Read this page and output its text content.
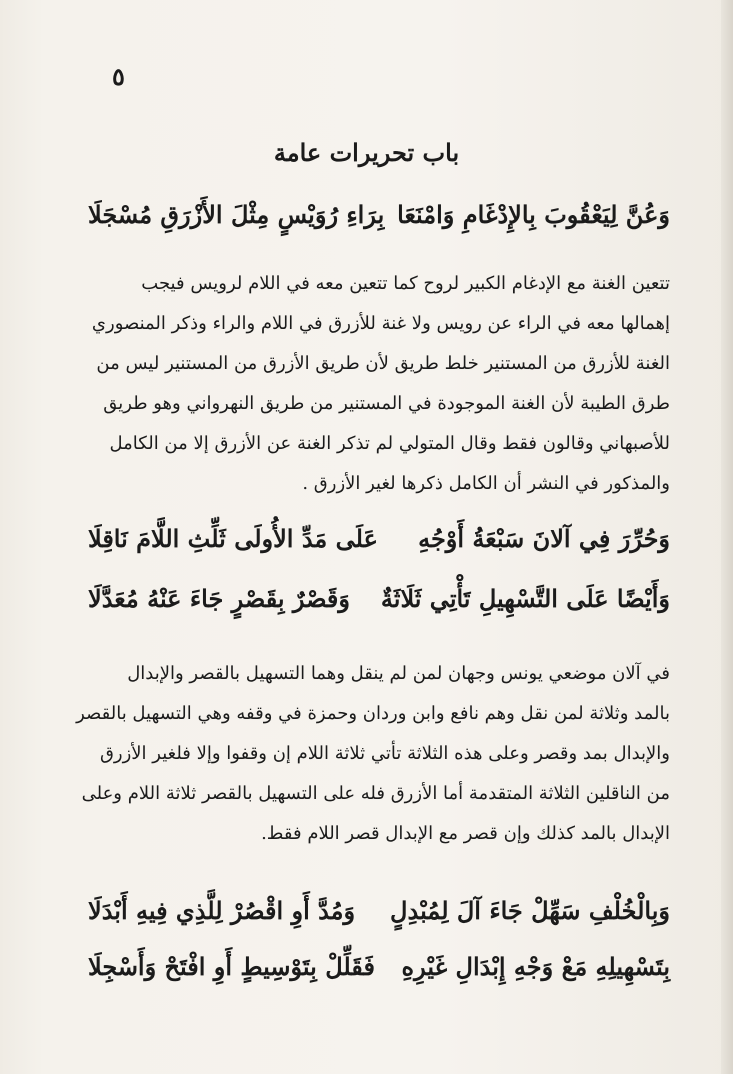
٥
باب تحريرات عامة
وَعُنَّ لِيَعْقُوبَ بِالإِدْغَامِ وَامْنَعَا
بِرَاءِ رُوَيْسٍ مِثْلَ الأَزْرَقِ مُسْجَلَا

تتعين الغنة مع الإدغام الكبير لروح كما تتعين معه في اللام لرويس فيجب

إهمالها معه في الراء عن رويس ولا غنة للأزرق في اللام والراء وذكر المنصوري

الغنة للأزرق من المستنير خلط طريق لأن طريق الأزرق من المستنير ليس من

طرق الطيبة لأن الغنة الموجودة في المستنير من طريق النهرواني وهو طريق

للأصبهاني وقالون فقط وقال المتولي لم تذكر الغنة عن الأزرق إلا من الكامل

والمذكور في النشر أن الكامل ذكرها لغير الأزرق .

وَحُرِّرَ فِي آلانَ سَبْعَةُ أَوْجُهِ
عَلَى مَدِّ الأُولَى ثَلِّثِ اللَّامَ نَاقِلَا
وَأَيْضًا عَلَى التَّسْهِيلِ تَأْتِي ثَلَاثَةٌ
وَقَصْرٌ بِقَصْرٍ جَاءَ عَنْهُ مُعَدَّلَا

في آلان موضعي يونس وجهان لمن لم ينقل وهما التسهيل بالقصر والإبدال

بالمد وثلاثة لمن نقل وهم نافع وابن وردان وحمزة في وقفه وهي التسهيل بالقصر

والإبدال بمد وقصر وعلى هذه الثلاثة تأتي ثلاثة اللام إن وقفوا وإلا فلغير الأزرق

من الناقلين الثلاثة المتقدمة أما الأزرق فله على التسهيل بالقصر ثلاثة اللام وعلى

الإبدال بالمد كذلك وإن قصر مع الإبدال قصر اللام فقط.

وَبِالْخُلْفِ سَهِّلْ جَاءَ آلَ لِمُبْدِلٍ
وَمُدَّ أَوِ اقْصُرْ لِلَّذِي فِيهِ أَبْدَلَا
بِتَسْهِيلِهِ مَعْ وَجْهِ إِبْدَالِ غَيْرِهِ
فَقَلِّلْ بِتَوْسِيطٍ أَوِ افْتَحْ وَأَسْجِلَا
